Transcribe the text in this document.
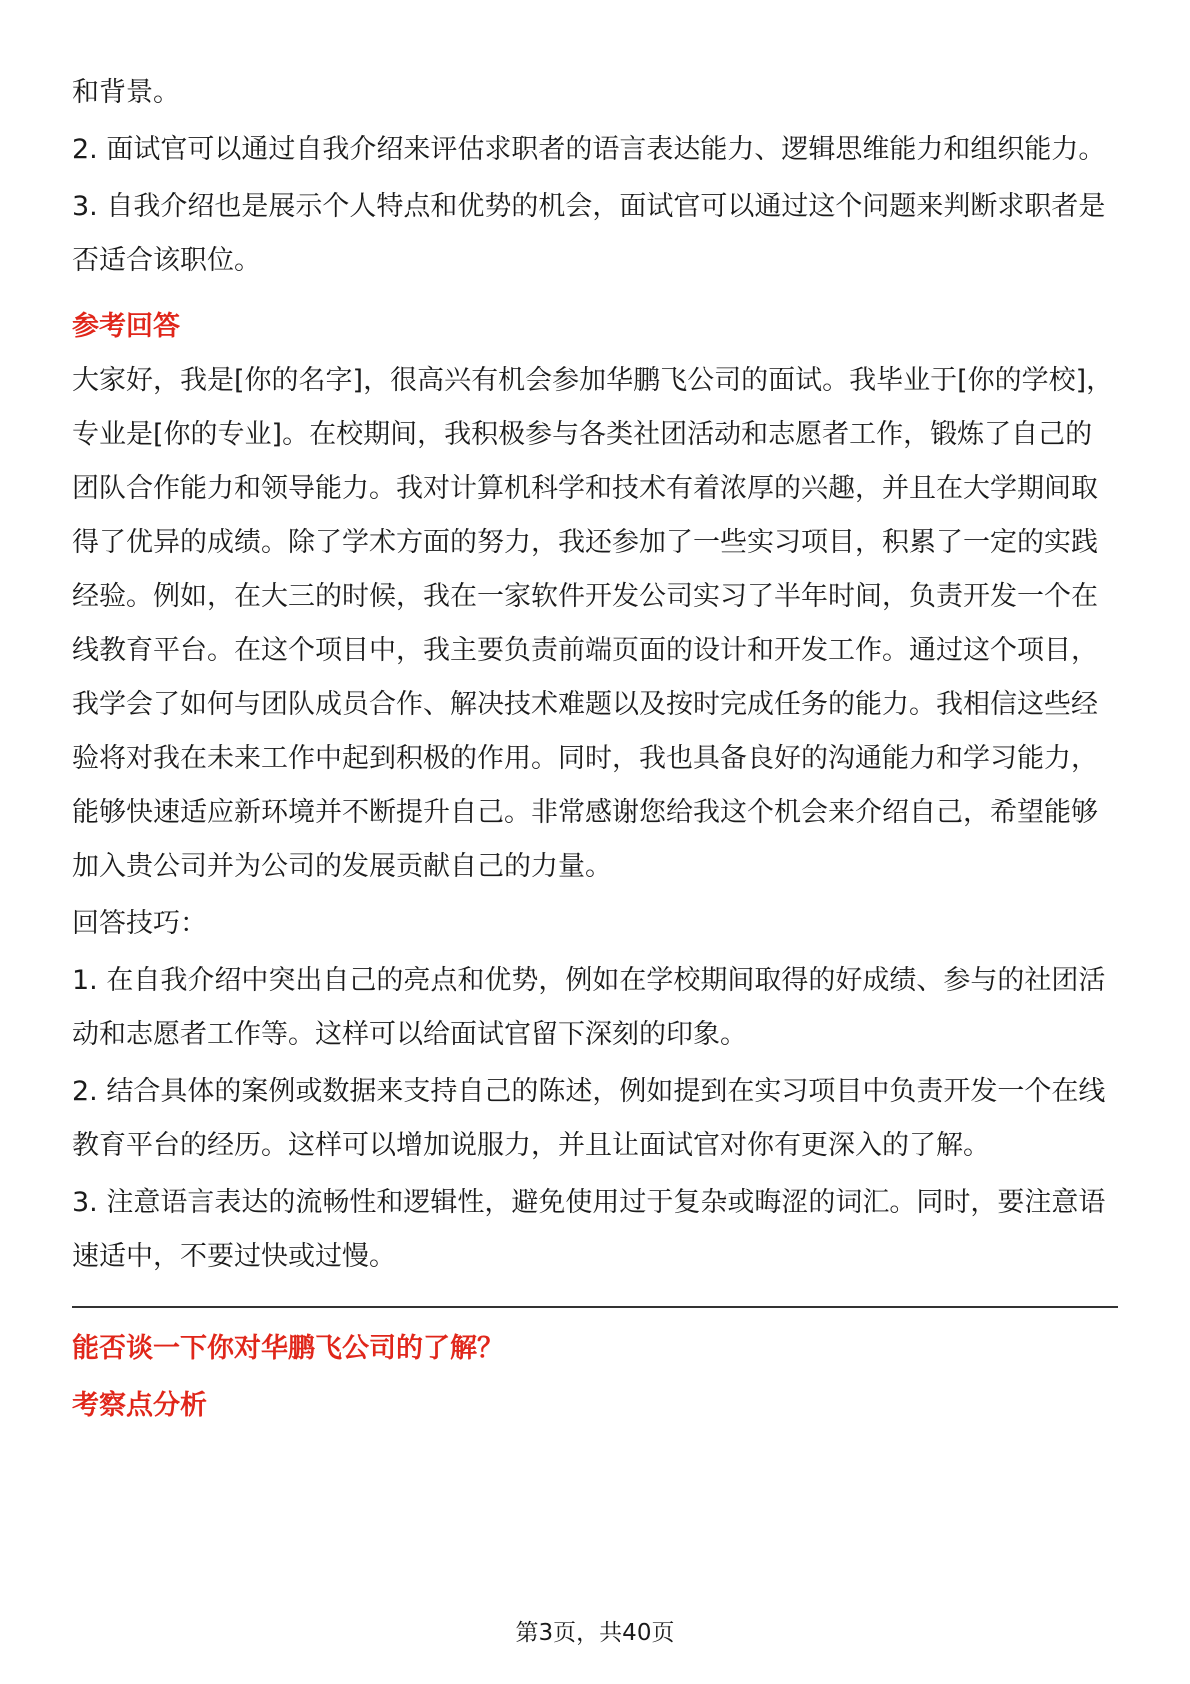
和背景。

2. 面试官可以通过自我介绍来评估求职者的语言表达能力、逻辑思维能力和组织能力。

3. 自我介绍也是展示个人特点和优势的机会，面试官可以通过这个问题来判断求职者是否适合该职位。

参考回答

大家好，我是[你的名字]，很高兴有机会参加华鹏飞公司的面试。我毕业于[你的学校]，专业是[你的专业]。在校期间，我积极参与各类社团活动和志愿者工作，锻炼了自己的团队合作能力和领导能力。我对计算机科学和技术有着浓厚的兴趣，并且在大学期间取得了优异的成绩。除了学术方面的努力，我还参加了一些实习项目，积累了一定的实践经验。例如，在大三的时候，我在一家软件开发公司实习了半年时间，负责开发一个在线教育平台。在这个项目中，我主要负责前端页面的设计和开发工作。通过这个项目，我学会了如何与团队成员合作、解决技术难题以及按时完成任务的能力。我相信这些经验将对我在未来工作中起到积极的作用。同时，我也具备良好的沟通能力和学习能力，能够快速适应新环境并不断提升自己。非常感谢您给我这个机会来介绍自己，希望能够加入贵公司并为公司的发展贡献自己的力量。

回答技巧：

1. 在自我介绍中突出自己的亮点和优势，例如在学校期间取得的好成绩、参与的社团活动和志愿者工作等。这样可以给面试官留下深刻的印象。

2. 结合具体的案例或数据来支持自己的陈述，例如提到在实习项目中负责开发一个在线教育平台的经历。这样可以增加说服力，并且让面试官对你有更深入的了解。

3. 注意语言表达的流畅性和逻辑性，避免使用过于复杂或晦涩的词汇。同时，要注意语速适中，不要过快或过慢。

能否谈一下你对华鹏飞公司的了解？

考察点分析

第3页，共40页
